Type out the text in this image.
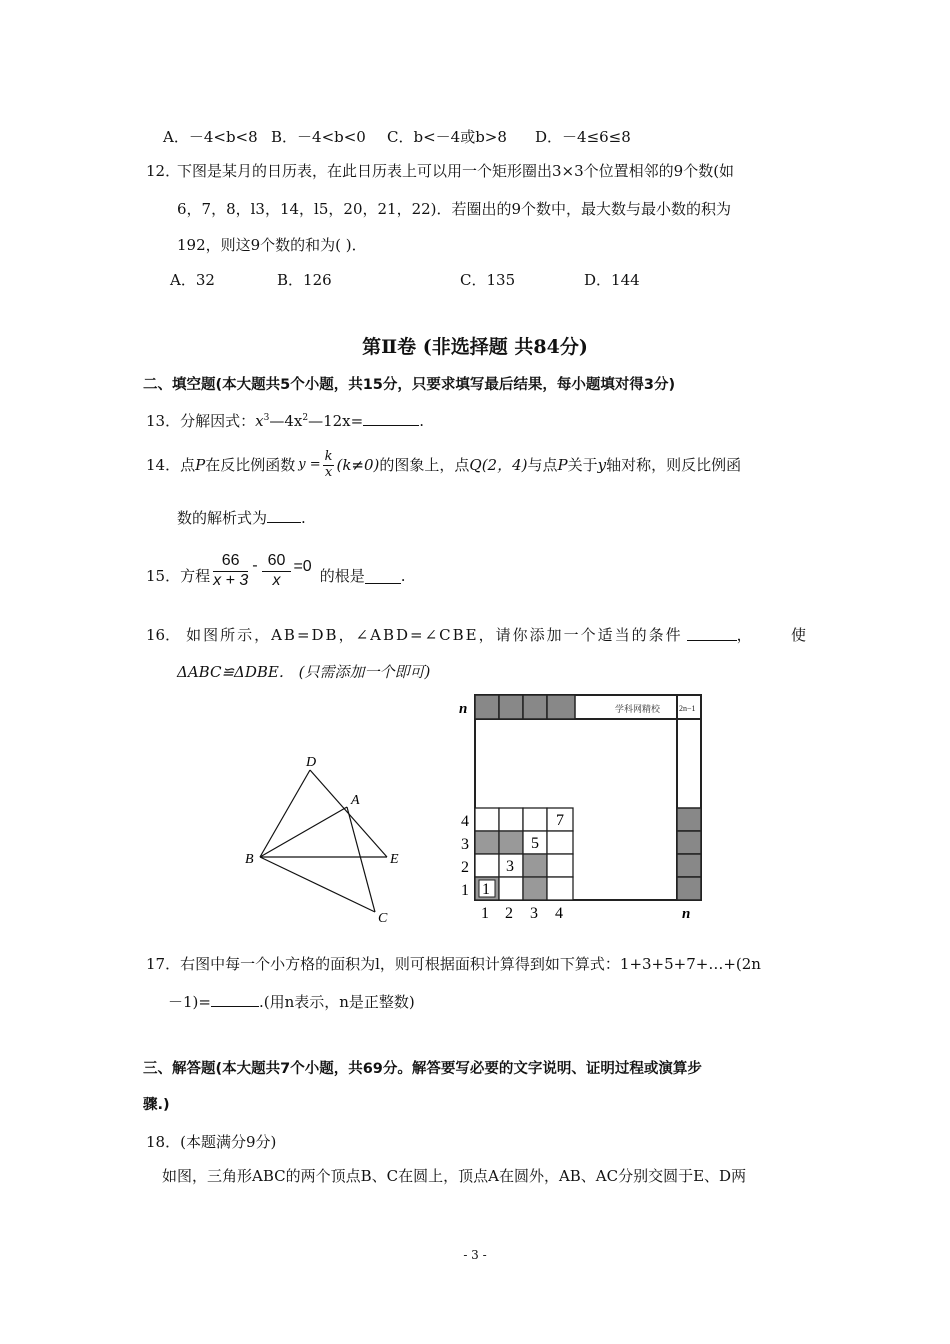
A．－4<b<8 B．－4<b<0 C．b<－4或b>8 D．－4≤6≤8
12．
下图是某月的日历表，在此日历表上可以用一个矩形圈出3×3个位置相邻的9个数(如
6，7，8，l3，14，l5，20，21，22)．若圈出的9个数中，最大数与最小数的积为
192，则这9个数的和为( )．
A．32	B．126	C．135	D．144
第Ⅱ卷 (非选择题 共84分)
二、填空题(本大题共5个小题，共15分，只要求填写最后结果，每小题填对得3分)
13．分解因式：$x^3—4x^2—12x=$	.
14． 点 P 在反比例函数 $y = \frac{k}{x} (k\ne 0)$ 的图象上，点 Q(2，4) 与点 P 关于 y 轴对称，则反比例函
数的解析式为 .
15． 方程 $\frac{66}{x + 3} - \frac{60}{x} =0$
的根是 .
16． 如图所示，AB=DB，∠ABD=∠CBE，请你添加一个适当的条件	，	使
ΔABC≌ΔDBE． (只需添加一个即可)
D
A
B	E
C
n	学科网精校 2n−1
4
3
2
1 1
3
5
7
1 2 3 4	n
17．右图中每一个小方格的面积为l，则可根据面积计算得到如下算式：1+3+5+7+…+(2n
－1)=	.(用n表示，n是正整数)
三、解答题(本大题共7个小题，共69分。解答要写必要的文字说明、证明过程或演算步
骤.)
18．(本题满分9分)
如图，三角形ABC的两个顶点B、C在圆上，顶点A在圆外，AB、AC分别交圆于E、D两
- 3 -
